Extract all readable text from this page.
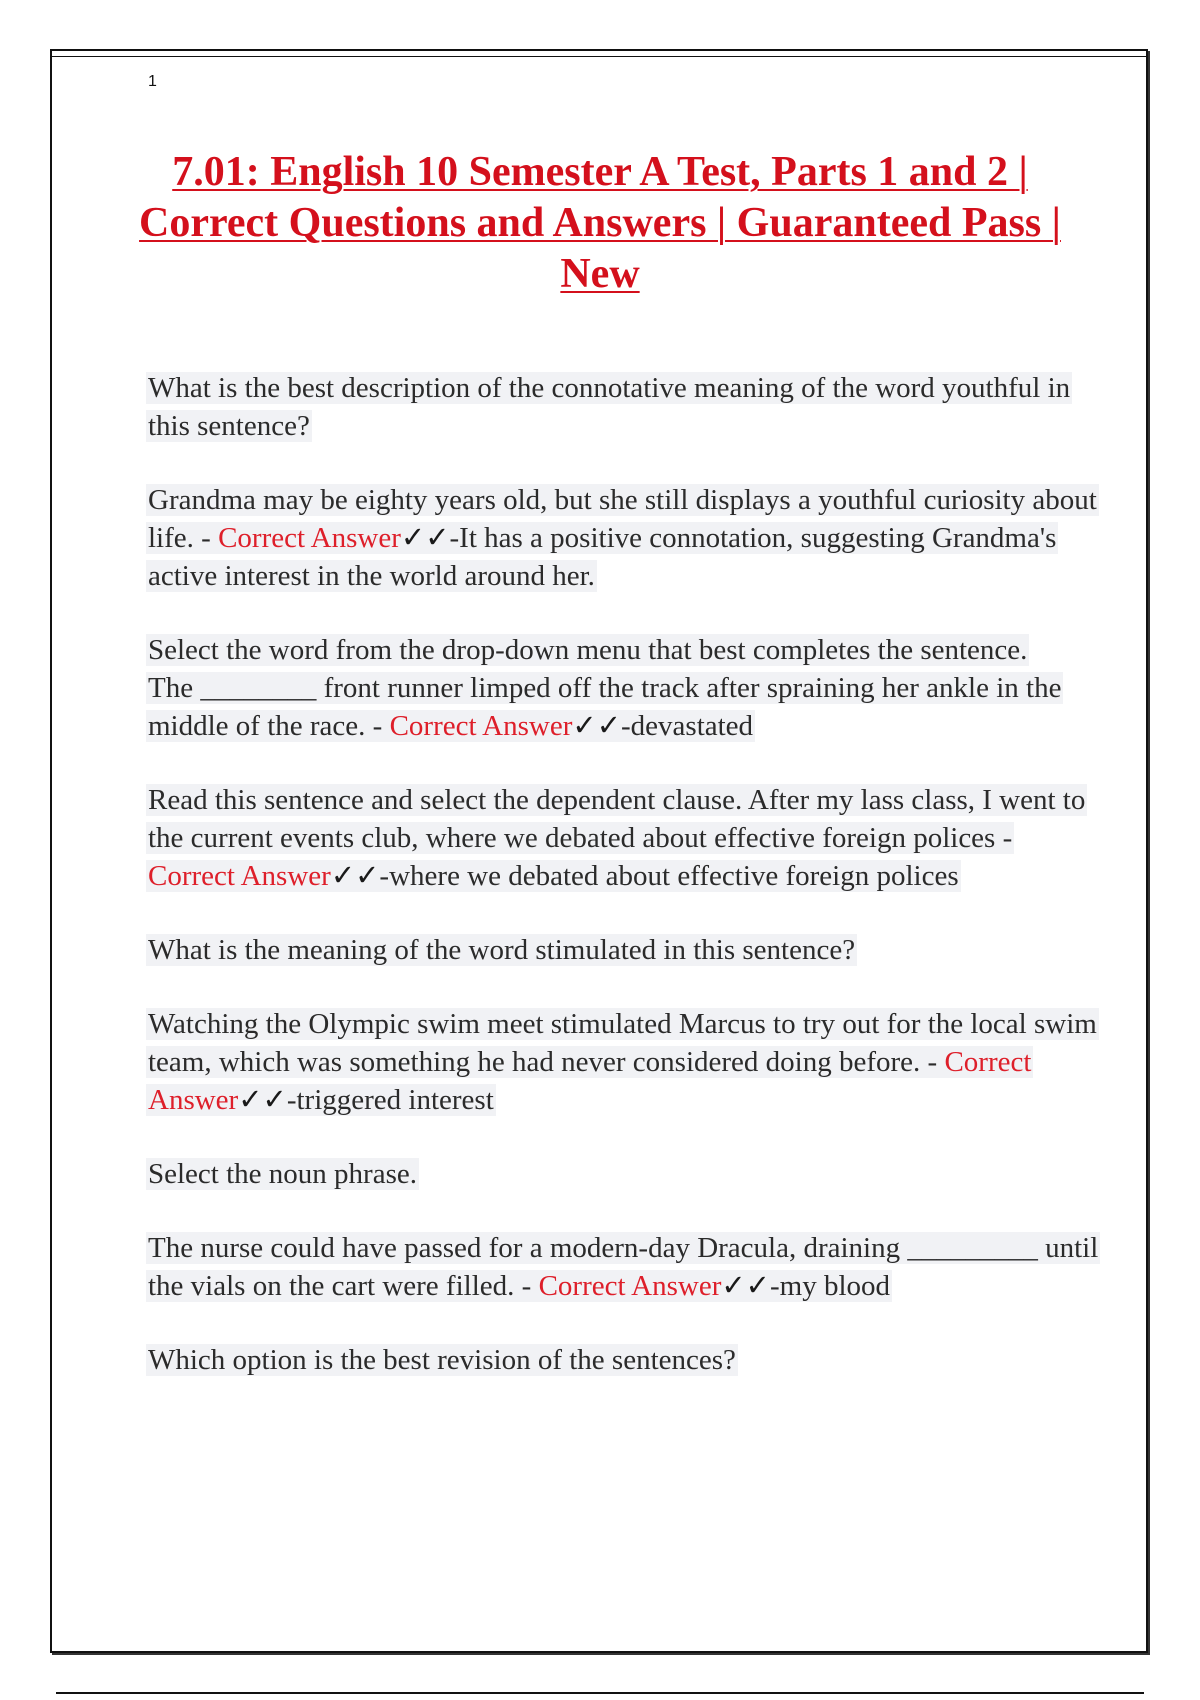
1
7.01: English 10 Semester A Test, Parts 1 and 2 | Correct Questions and Answers | Guaranteed Pass | New

What is the best description of the connotative meaning of the word youthful in this sentence?

Grandma may be eighty years old, but she still displays a youthful curiosity about life. - Correct Answer✓✓-It has a positive connotation, suggesting Grandma's active interest in the world around her.

Select the word from the drop-down menu that best completes the sentence.

The ________ front runner limped off the track after spraining her ankle in the middle of the race. - Correct Answer✓✓-devastated

Read this sentence and select the dependent clause. After my lass class, I went to the current events club, where we debated about effective foreign polices - Correct Answer✓✓-where we debated about effective foreign polices

What is the meaning of the word stimulated in this sentence?

Watching the Olympic swim meet stimulated Marcus to try out for the local swim team, which was something he had never considered doing before. - Correct Answer✓✓-triggered interest

Select the noun phrase.

The nurse could have passed for a modern-day Dracula, draining _________ until the vials on the cart were filled. - Correct Answer✓✓-my blood

Which option is the best revision of the sentences?
